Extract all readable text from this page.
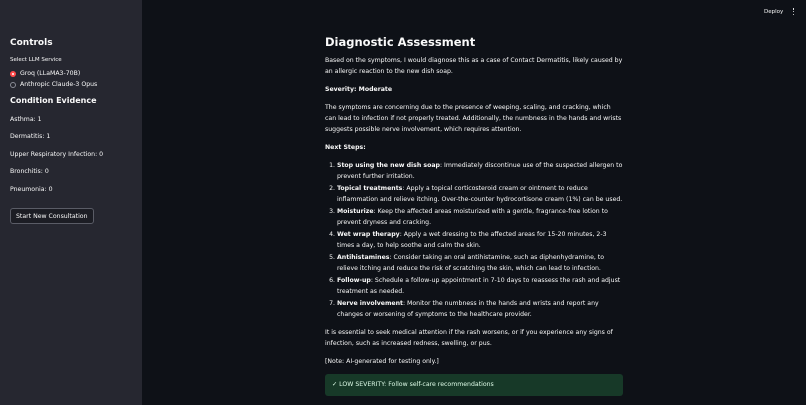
Controls
Select LLM Service
Groq (LLaMA3-70B)
Anthropic Claude-3 Opus
Condition Evidence
Asthma: 1
Dermatitis: 1
Upper Respiratory Infection: 0
Bronchitis: 0
Pneumonia: 0
Start New Consultation
Deploy
Diagnostic Assessment
Based on the symptoms, I would diagnose this as a case of Contact Dermatitis, likely caused by an allergic reaction to the new dish soap.
Severity: Moderate
The symptoms are concerning due to the presence of weeping, scaling, and cracking, which can lead to infection if not properly treated. Additionally, the numbness in the hands and wrists suggests possible nerve involvement, which requires attention.
Next Steps:
1. Stop using the new dish soap: Immediately discontinue use of the suspected allergen to prevent further irritation.
2. Topical treatments: Apply a topical corticosteroid cream or ointment to reduce inflammation and relieve itching. Over-the-counter hydrocortisone cream (1%) can be used.
3. Moisturize: Keep the affected areas moisturized with a gentle, fragrance-free lotion to prevent dryness and cracking.
4. Wet wrap therapy: Apply a wet dressing to the affected areas for 15-20 minutes, 2-3 times a day, to help soothe and calm the skin.
5. Antihistamines: Consider taking an oral antihistamine, such as diphenhydramine, to relieve itching and reduce the risk of scratching the skin, which can lead to infection.
6. Follow-up: Schedule a follow-up appointment in 7-10 days to reassess the rash and adjust treatment as needed.
7. Nerve involvement: Monitor the numbness in the hands and wrists and report any changes or worsening of symptoms to the healthcare provider.
It is essential to seek medical attention if the rash worsens, or if you experience any signs of infection, such as increased redness, swelling, or pus.
[Note: AI-generated for testing only.]
✓ LOW SEVERITY: Follow self-care recommendations
